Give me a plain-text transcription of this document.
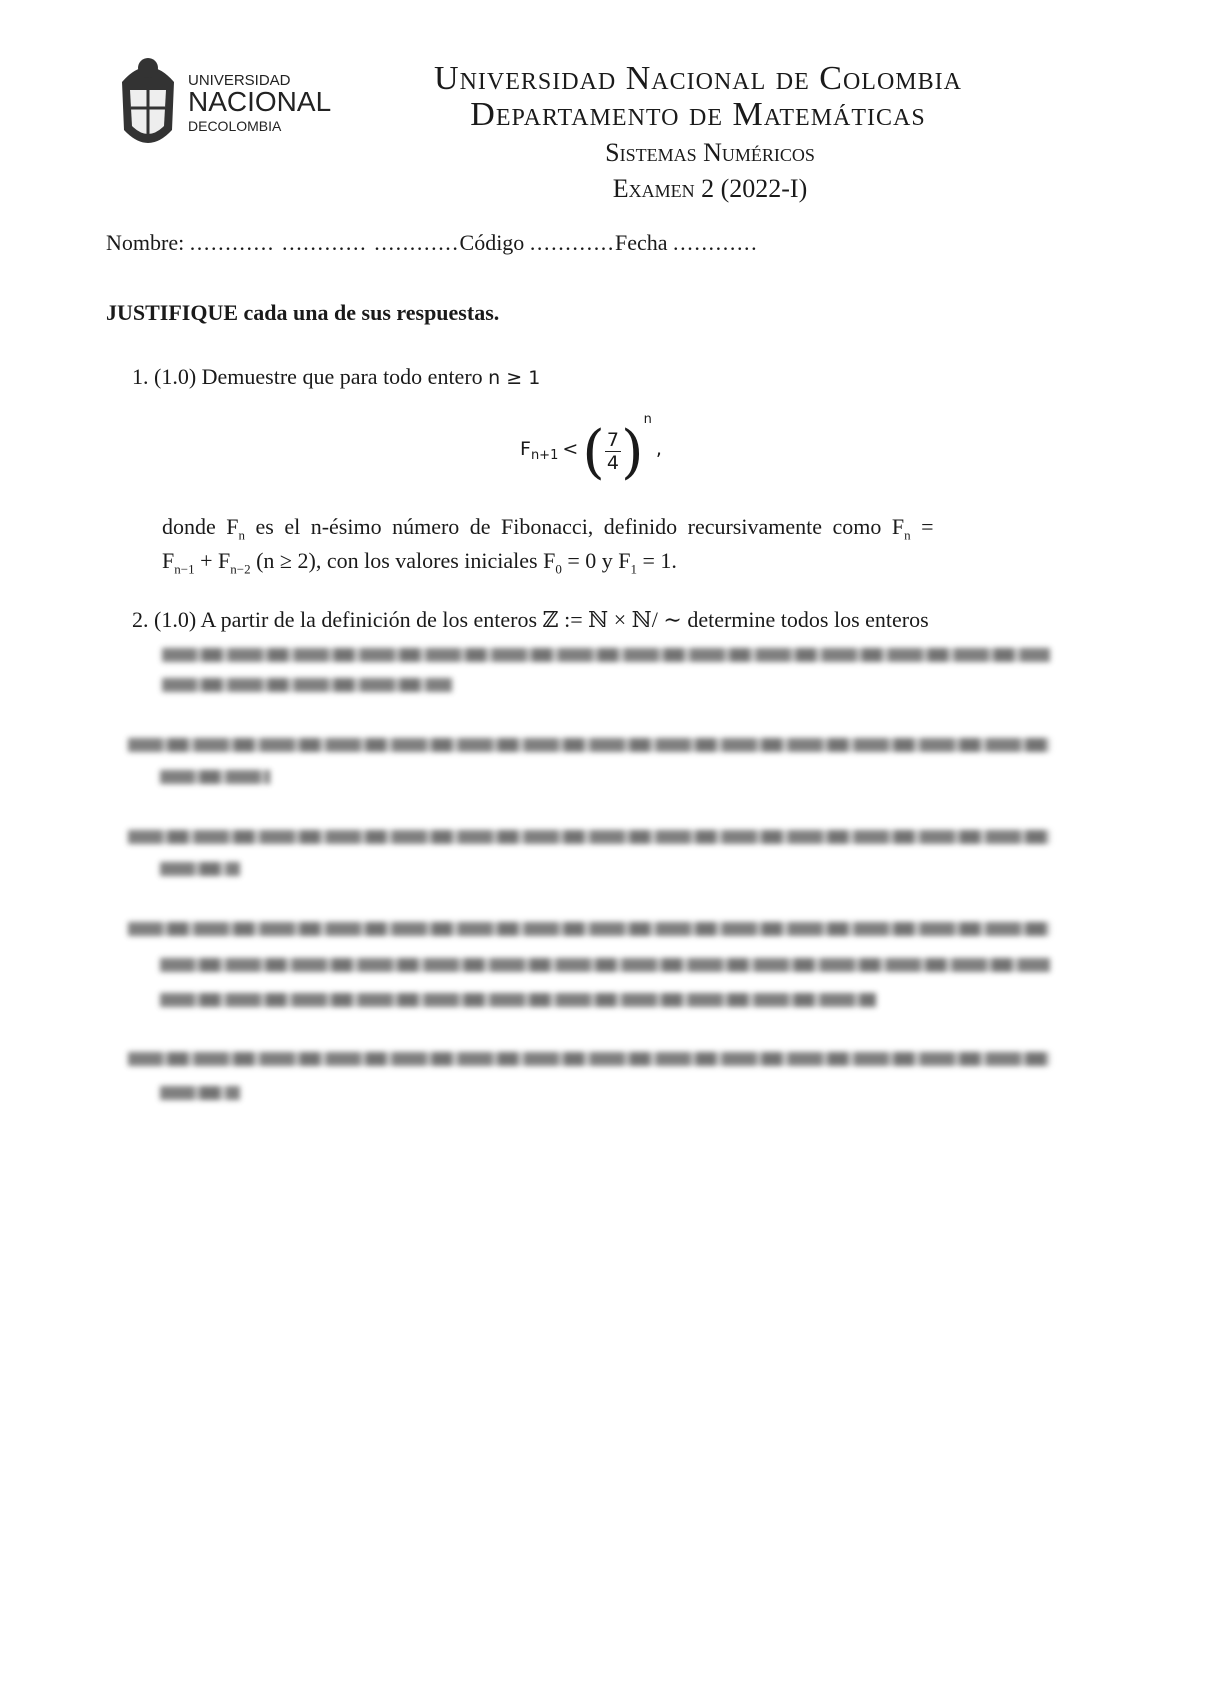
UNIVERSIDAD
NACIONAL
DECOLOMBIA
Universidad Nacional de Colombia
Departamento de Matemáticas
Sistemas Numéricos
Examen 2 (2022-I)
Nombre: ............ ............ ............Código ............Fecha ............
JUSTIFIQUE cada una de sus respuestas.
1. (1.0) Demuestre que para todo entero n ≥ 1
$F_{n+1}$ < ( $\frac{7}{4} )^n$ ,
donde $F_n$ es el n-ésimo número de Fibonacci, definido recursivamente como $F_n$ =
$F_{n-1} + F_{n-2}$ (n ≥ 2), con los valores iniciales $F_0 = 0$ y $F_1 = 1$.
2. (1.0) A partir de la definición de los enteros ℤ := ℕ × ℕ/ ∼ determine todos los enteros
